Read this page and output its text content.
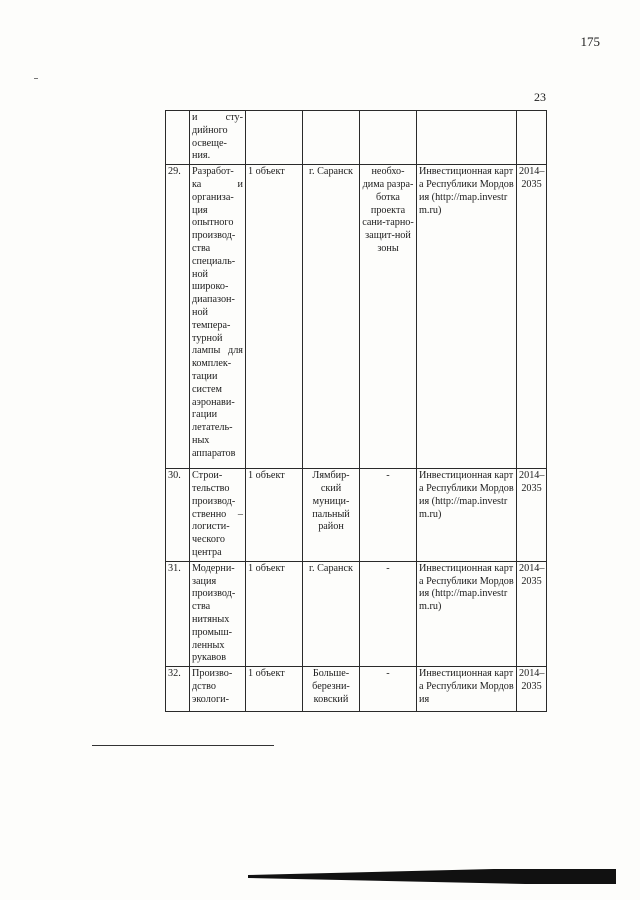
175
23
	и сту-дийного освеще-ния.					
29.	Разработ-ка и организа-ция опытного производ-ства специаль-ной широко-диапазон-ной темпера-турной лампы для комплек-тации систем аэронави-гации летатель-ных аппаратов	1 объект	г. Саранск	необхо-дима разра-ботка проекта сани-тарно-защит-ной зоны	Инвестиционная карта Республики Мордовия (http://map.investr m.ru)	2014–2035
30.	Строи-тельство производ-ственно – логисти-ческого центра	1 объект	Лямбир-ский муници-пальный район	-	Инвестиционная карта Республики Мордовия (http://map.investr m.ru)	2014–2035
31.	Модерни-зация производ-ства нитяных промыш-ленных рукавов	1 объект	г. Саранск	-	Инвестиционная карта Республики Мордовия (http://map.investr m.ru)	2014–2035
32.	Произво-дство экологи-	1 объект	Больше-березни-ковский	-	Инвестиционная карта Республики Мордовия	2014–2035
